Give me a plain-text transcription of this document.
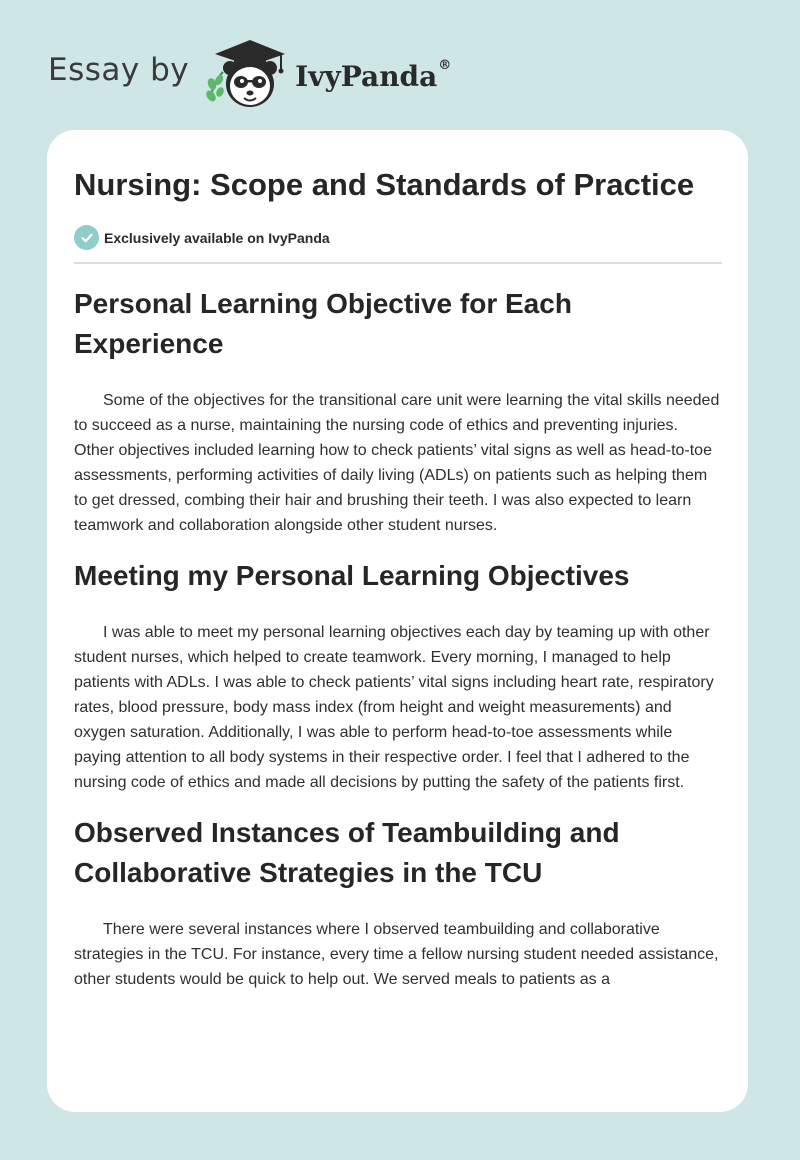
Essay by	IvyPanda®
Nursing: Scope and Standards of Practice
Exclusively available on IvyPanda
Personal Learning Objective for Each Experience

Some of the objectives for the transitional care unit were learning the vital skills needed to succeed as a nurse, maintaining the nursing code of ethics and preventing injuries. Other objectives included learning how to check patients’ vital signs as well as head-to-toe assessments, performing activities of daily living (ADLs) on patients such as helping them to get dressed, combing their hair and brushing their teeth. I was also expected to learn teamwork and collaboration alongside other student nurses.

Meeting my Personal Learning Objectives

I was able to meet my personal learning objectives each day by teaming up with other student nurses, which helped to create teamwork. Every morning, I managed to help patients with ADLs. I was able to check patients’ vital signs including heart rate, respiratory rates, blood pressure, body mass index (from height and weight measurements) and oxygen saturation. Additionally, I was able to perform head-to-toe assessments while paying attention to all body systems in their respective order. I feel that I adhered to the nursing code of ethics and made all decisions by putting the safety of the patients first.

Observed Instances of Teambuilding and Collaborative Strategies in the TCU

There were several instances where I observed teambuilding and collaborative strategies in the TCU. For instance, every time a fellow nursing student needed assistance, other students would be quick to help out. We served meals to patients as a
